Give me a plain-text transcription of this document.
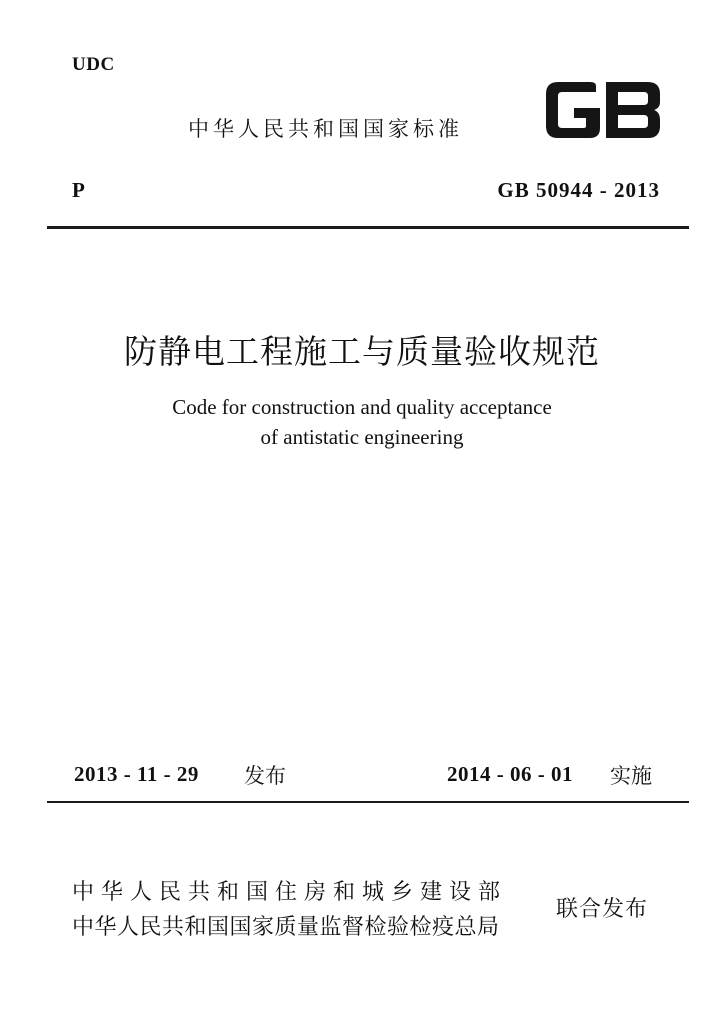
UDC
中华人民共和国国家标准
P	GB 50944 - 2013
防静电工程施工与质量验收规范
Code for construction and quality acceptance
of antistatic engineering
2013 - 11 - 29 发布	2014 - 06 - 01 实施
中华人民共和国住房和城乡建设部
中华人民共和国国家质量监督检验检疫总局
联合发布
